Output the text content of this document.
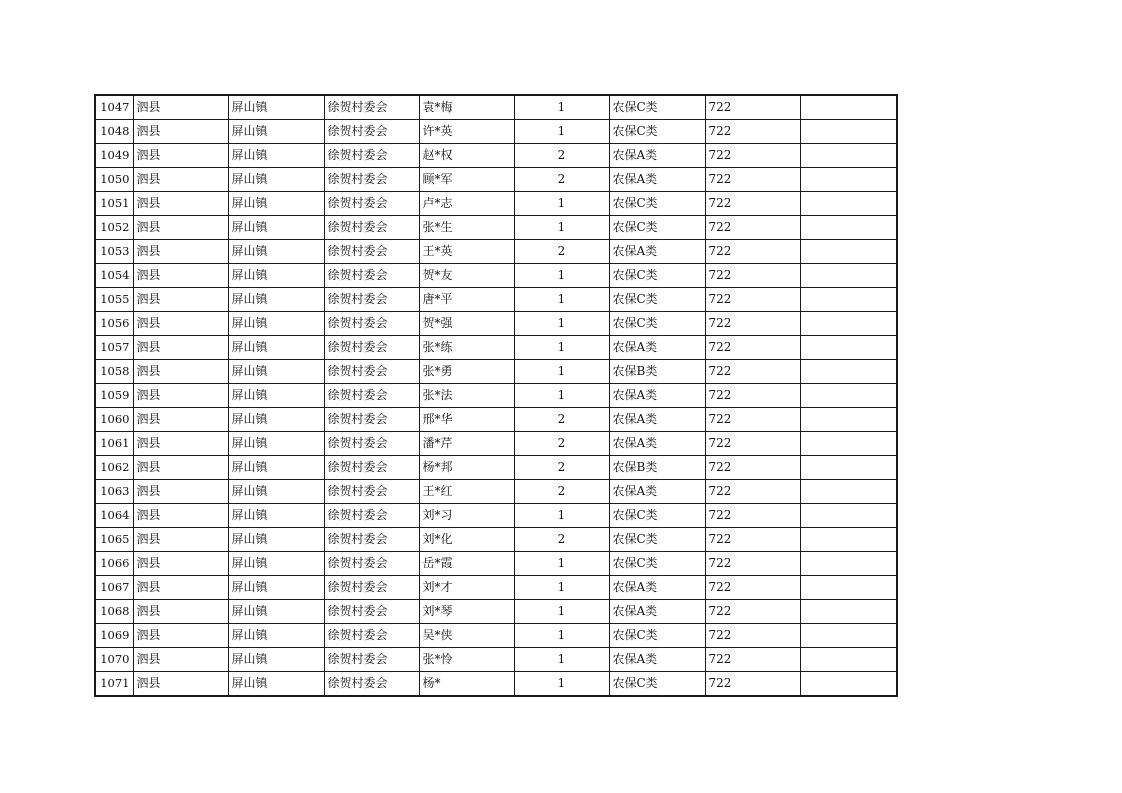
1047	泗县	屏山镇	徐贺村委会	袁*梅	1	农保C类	722	
1048	泗县	屏山镇	徐贺村委会	许*英	1	农保C类	722	
1049	泗县	屏山镇	徐贺村委会	赵*权	2	农保A类	722	
1050	泗县	屏山镇	徐贺村委会	顾*军	2	农保A类	722	
1051	泗县	屏山镇	徐贺村委会	卢*志	1	农保C类	722	
1052	泗县	屏山镇	徐贺村委会	张*生	1	农保C类	722	
1053	泗县	屏山镇	徐贺村委会	王*英	2	农保A类	722	
1054	泗县	屏山镇	徐贺村委会	贺*友	1	农保C类	722	
1055	泗县	屏山镇	徐贺村委会	唐*平	1	农保C类	722	
1056	泗县	屏山镇	徐贺村委会	贺*强	1	农保C类	722	
1057	泗县	屏山镇	徐贺村委会	张*练	1	农保A类	722	
1058	泗县	屏山镇	徐贺村委会	张*勇	1	农保B类	722	
1059	泗县	屏山镇	徐贺村委会	张*法	1	农保A类	722	
1060	泗县	屏山镇	徐贺村委会	邢*华	2	农保A类	722	
1061	泗县	屏山镇	徐贺村委会	潘*芹	2	农保A类	722	
1062	泗县	屏山镇	徐贺村委会	杨*邦	2	农保B类	722	
1063	泗县	屏山镇	徐贺村委会	王*红	2	农保A类	722	
1064	泗县	屏山镇	徐贺村委会	刘*习	1	农保C类	722	
1065	泗县	屏山镇	徐贺村委会	刘*化	2	农保C类	722	
1066	泗县	屏山镇	徐贺村委会	岳*霞	1	农保C类	722	
1067	泗县	屏山镇	徐贺村委会	刘*才	1	农保A类	722	
1068	泗县	屏山镇	徐贺村委会	刘*琴	1	农保A类	722	
1069	泗县	屏山镇	徐贺村委会	吴*侠	1	农保C类	722	
1070	泗县	屏山镇	徐贺村委会	张*怜	1	农保A类	722	
1071	泗县	屏山镇	徐贺村委会	杨*	1	农保C类	722	
